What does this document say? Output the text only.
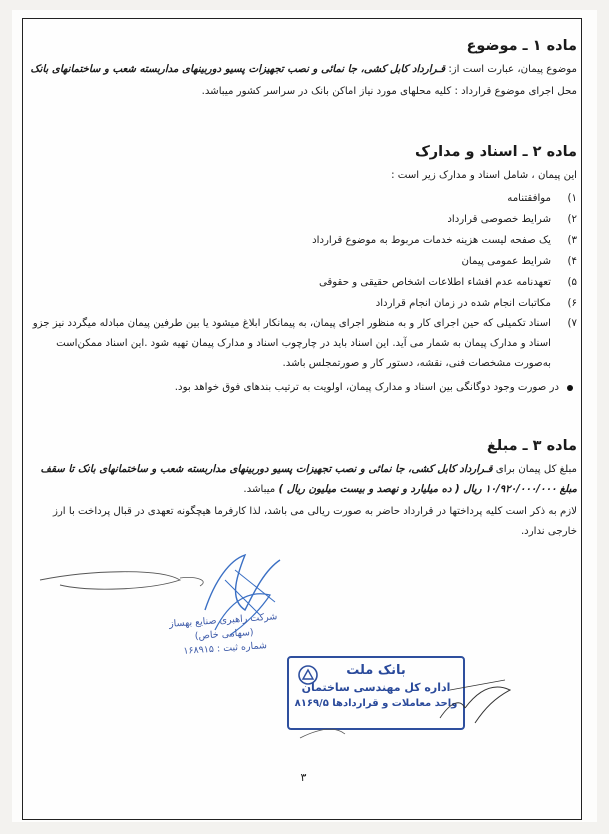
ماده ۱ ـ موضوع

موضوع پیمان، عبارت است از: قـرارداد کابل کشی، جا نمائی و نصب تجهیزات پسیو دوربینهای مداربسته شعب و ساختمانهای بانک

محل اجرای موضوع قرارداد : کلیه محلهای مورد نیاز اماکن بانک در سراسر کشور میباشد.

ماده ۲ ـ اسناد و مدارک

این پیمان ، شامل اسناد و مدارک زیر است :

۱)
موافقتنامه
۲)
شرایط خصوصی قرارداد
۳)
یک صفحه لیست هزینه خدمات مربوط به موضوع قرارداد
۴)
شرایط عمومی پیمان
۵)
تعهدنامه عدم افشاء اطلاعات اشخاص حقیقی و حقوقی
۶)
مکاتبات انجام شده در زمان انجام قرارداد
۷)
اسناد تکمیلی که حین اجرای کار و به منظور اجرای پیمان، به پیمانکار ابلاغ میشود یا بین طرفین پیمان مبادله میگردد نیز جزو اسناد و مدارک پیمان به شمار می آید. این اسناد باید در چارچوب اسناد و مدارک پیمان تهیه شود .این اسناد ممکن‌است به‌صورت مشخصات فنی، نقشه، دستور کار و صورتمجلس باشد.
در صورت وجود دوگانگی بین اسناد و مدارک پیمان، اولویت به ترتیب بندهای فوق خواهد بود.
ماده ۳ ـ مبلغ

مبلغ کل پیمان برای قـرارداد کابل کشی، جا نمائی و نصب تجهیزات پسیو دوربینهای مداربسته شعب و ساختمانهای بانک تا سقف مبلغ ۱۰/۹۲۰/۰۰۰/۰۰۰ ریال ( ده میلیارد و نهصد و بیست میلیون ریال ) میباشد.

لازم به ذکر است کلیه پرداختها در قرارداد حاضر به صورت ریالی می باشد، لذا کارفرما هیچگونه تعهدی در قبال پرداخت با ارز خارجی ندارد.

۳
شرکت راهبری صنایع بهساز
(سهامی خاص)
شماره ثبت : ۱۶۸۹۱۵
بانک ملت
اداره کل مهندسی ساختمان
واحد معاملات و قراردادها ۸۱۶۹/۵
